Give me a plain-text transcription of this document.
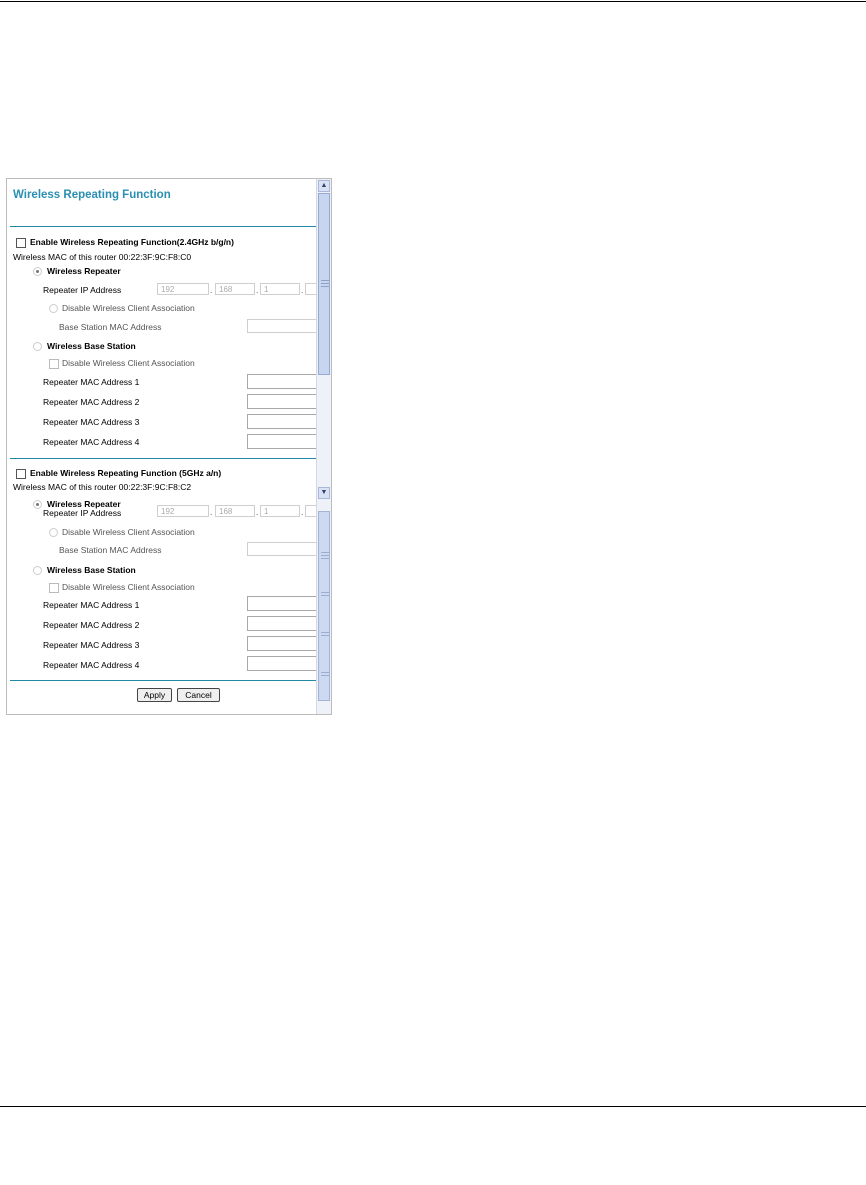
Wireless Repeating Function
Enable Wireless Repeating Function(2.4GHz b/g/n)
Wireless MAC of this router 00:22:3F:9C:F8:C0
Wireless Repeater
Repeater IP Address	192	. 168	. 1	.
Disable Wireless Client Association
Base Station MAC Address
Wireless Base Station
Disable Wireless Client Association
Repeater MAC Address 1
Repeater MAC Address 2
Repeater MAC Address 3
Repeater MAC Address 4
Enable Wireless Repeating Function (5GHz a/n)
Wireless MAC of this router 00:22:3F:9C:F8:C2
Wireless Repeater
Repeater IP Address	192	. 168	. 1	.
Disable Wireless Client Association
Base Station MAC Address
Wireless Base Station
Disable Wireless Client Association
Repeater MAC Address 1
Repeater MAC Address 2
Repeater MAC Address 3
Repeater MAC Address 4
Apply	Cancel
▲
▼
